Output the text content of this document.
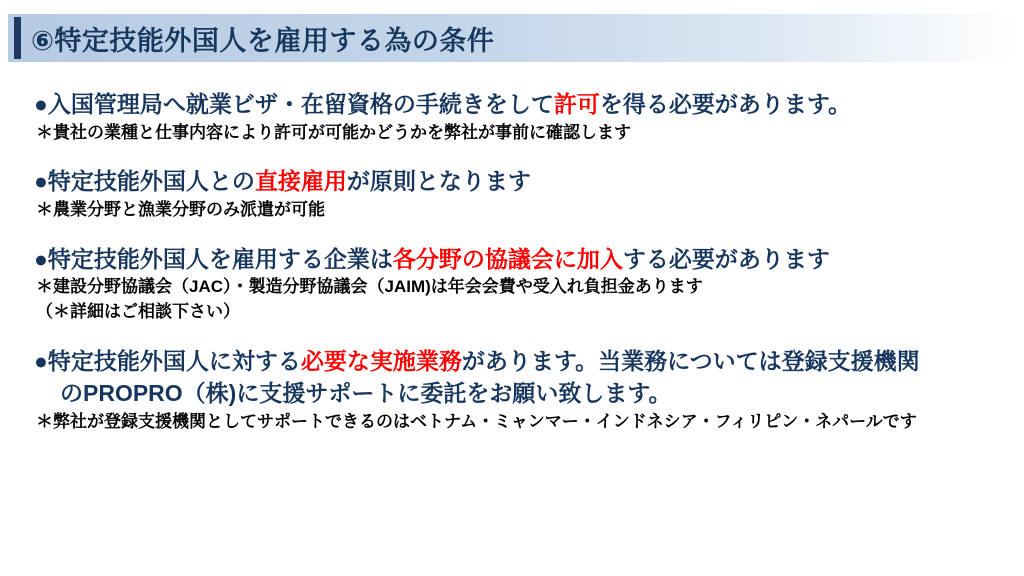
⑥特定技能外国人を雇用する為の条件
●入国管理局へ就業ビザ・在留資格の手続きをして許可を得る必要があります。
＊貴社の業種と仕事内容により許可が可能かどうかを弊社が事前に確認します
●特定技能外国人との直接雇用が原則となります
＊農業分野と漁業分野のみ派遣が可能
●特定技能外国人を雇用する企業は各分野の協議会に加入する必要があります
＊建設分野協議会（JAC）・製造分野協議会（JAIM)は年会会費や受入れ負担金あります
（＊詳細はご相談下さい）
●特定技能外国人に対する必要な実施業務があります。当業務については登録支援機関
のPROPRO（株)に支援サポートに委託をお願い致します。
＊弊社が登録支援機関としてサポートできるのはベトナム・ミャンマー・インドネシア・フィリピン・ネパールです
